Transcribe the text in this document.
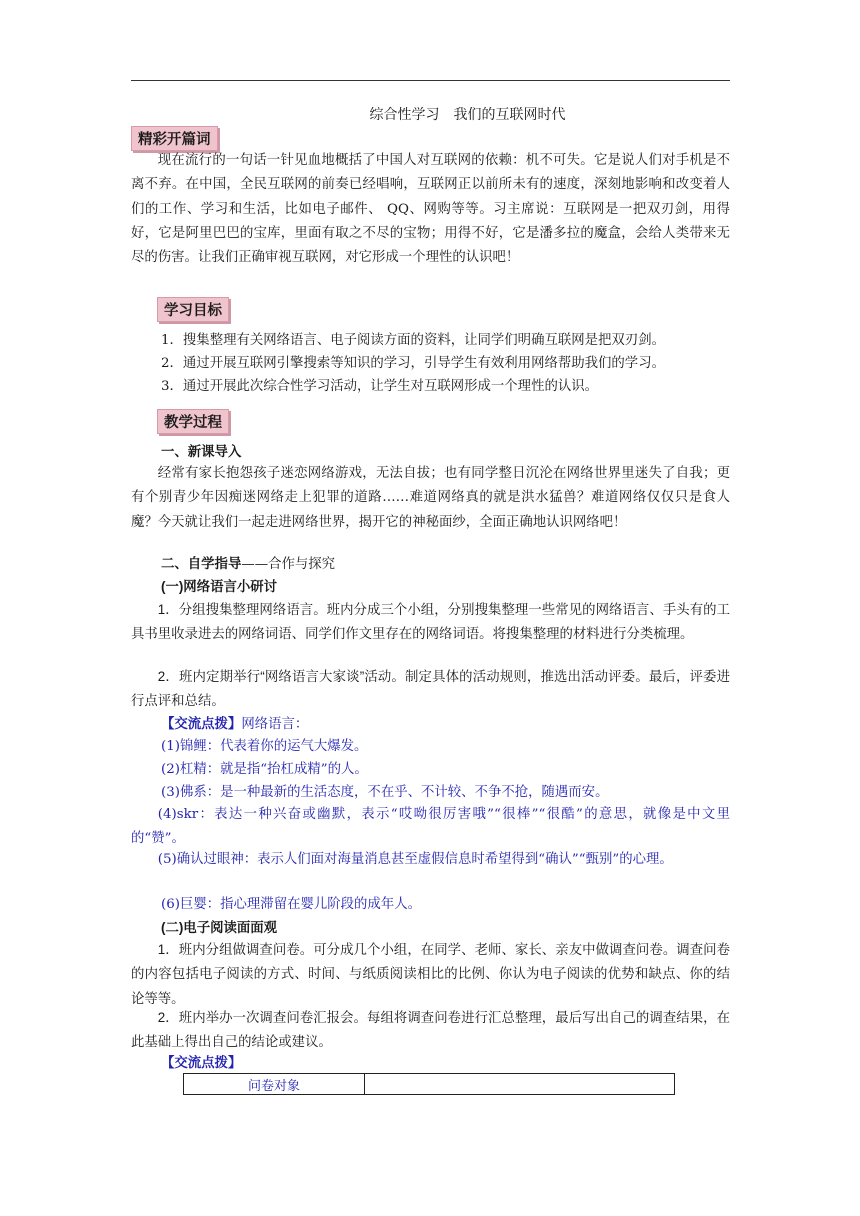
综合性学习　我们的互联网时代
精彩开篇词
现在流行的一句话一针见血地概括了中国人对互联网的依赖：机不可失。它是说人们对手机是不离不弃。在中国，全民互联网的前奏已经唱响，互联网正以前所未有的速度，深刻地影响和改变着人们的工作、学习和生活，比如电子邮件、 QQ、网购等等。习主席说：互联网是一把双刃剑，用得好，它是阿里巴巴的宝库，里面有取之不尽的宝物；用得不好，它是潘多拉的魔盒，会给人类带来无尽的伤害。让我们正确审视互联网，对它形成一个理性的认识吧！
学习目标
1．搜集整理有关网络语言、电子阅读方面的资料，让同学们明确互联网是把双刃剑。
2．通过开展互联网引擎搜索等知识的学习，引导学生有效利用网络帮助我们的学习。
3．通过开展此次综合性学习活动，让学生对互联网形成一个理性的认识。
教学过程
一、新课导入
经常有家长抱怨孩子迷恋网络游戏，无法自拔；也有同学整日沉沦在网络世界里迷失了自我；更有个别青少年因痴迷网络走上犯罪的道路……难道网络真的就是洪水猛兽？难道网络仅仅只是食人魔？今天就让我们一起走进网络世界，揭开它的神秘面纱，全面正确地认识网络吧！
二、自学指导——合作与探究
(一)网络语言小研讨
1．分组搜集整理网络语言。班内分成三个小组，分别搜集整理一些常见的网络语言、手头有的工具书里收录进去的网络词语、同学们作文里存在的网络词语。将搜集整理的材料进行分类梳理。
2．班内定期举行“网络语言大家谈”活动。制定具体的活动规则，推选出活动评委。最后，评委进行点评和总结。
【交流点拨】网络语言：
(1)锦鲤：代表着你的运气大爆发。
(2)杠精：就是指“抬杠成精”的人。
(3)佛系：是一种最新的生活态度，不在乎、不计较、不争不抢，随遇而安。
(4)skr：表达一种兴奋或幽默，表示“哎呦很厉害哦”“很棒”“很酷”的意思，就像是中文里的“赞”。
(5)确认过眼神：表示人们面对海量消息甚至虚假信息时希望得到“确认”“甄别”的心理。
(6)巨婴：指心理滞留在婴儿阶段的成年人。
(二)电子阅读面面观
1．班内分组做调查问卷。可分成几个小组，在同学、老师、家长、亲友中做调查问卷。调查问卷的内容包括电子阅读的方式、时间、与纸质阅读相比的比例、你认为电子阅读的优势和缺点、你的结论等等。
2．班内举办一次调查问卷汇报会。每组将调查问卷进行汇总整理，最后写出自己的调查结果，在此基础上得出自己的结论或建议。
【交流点拨】
问卷对象	
